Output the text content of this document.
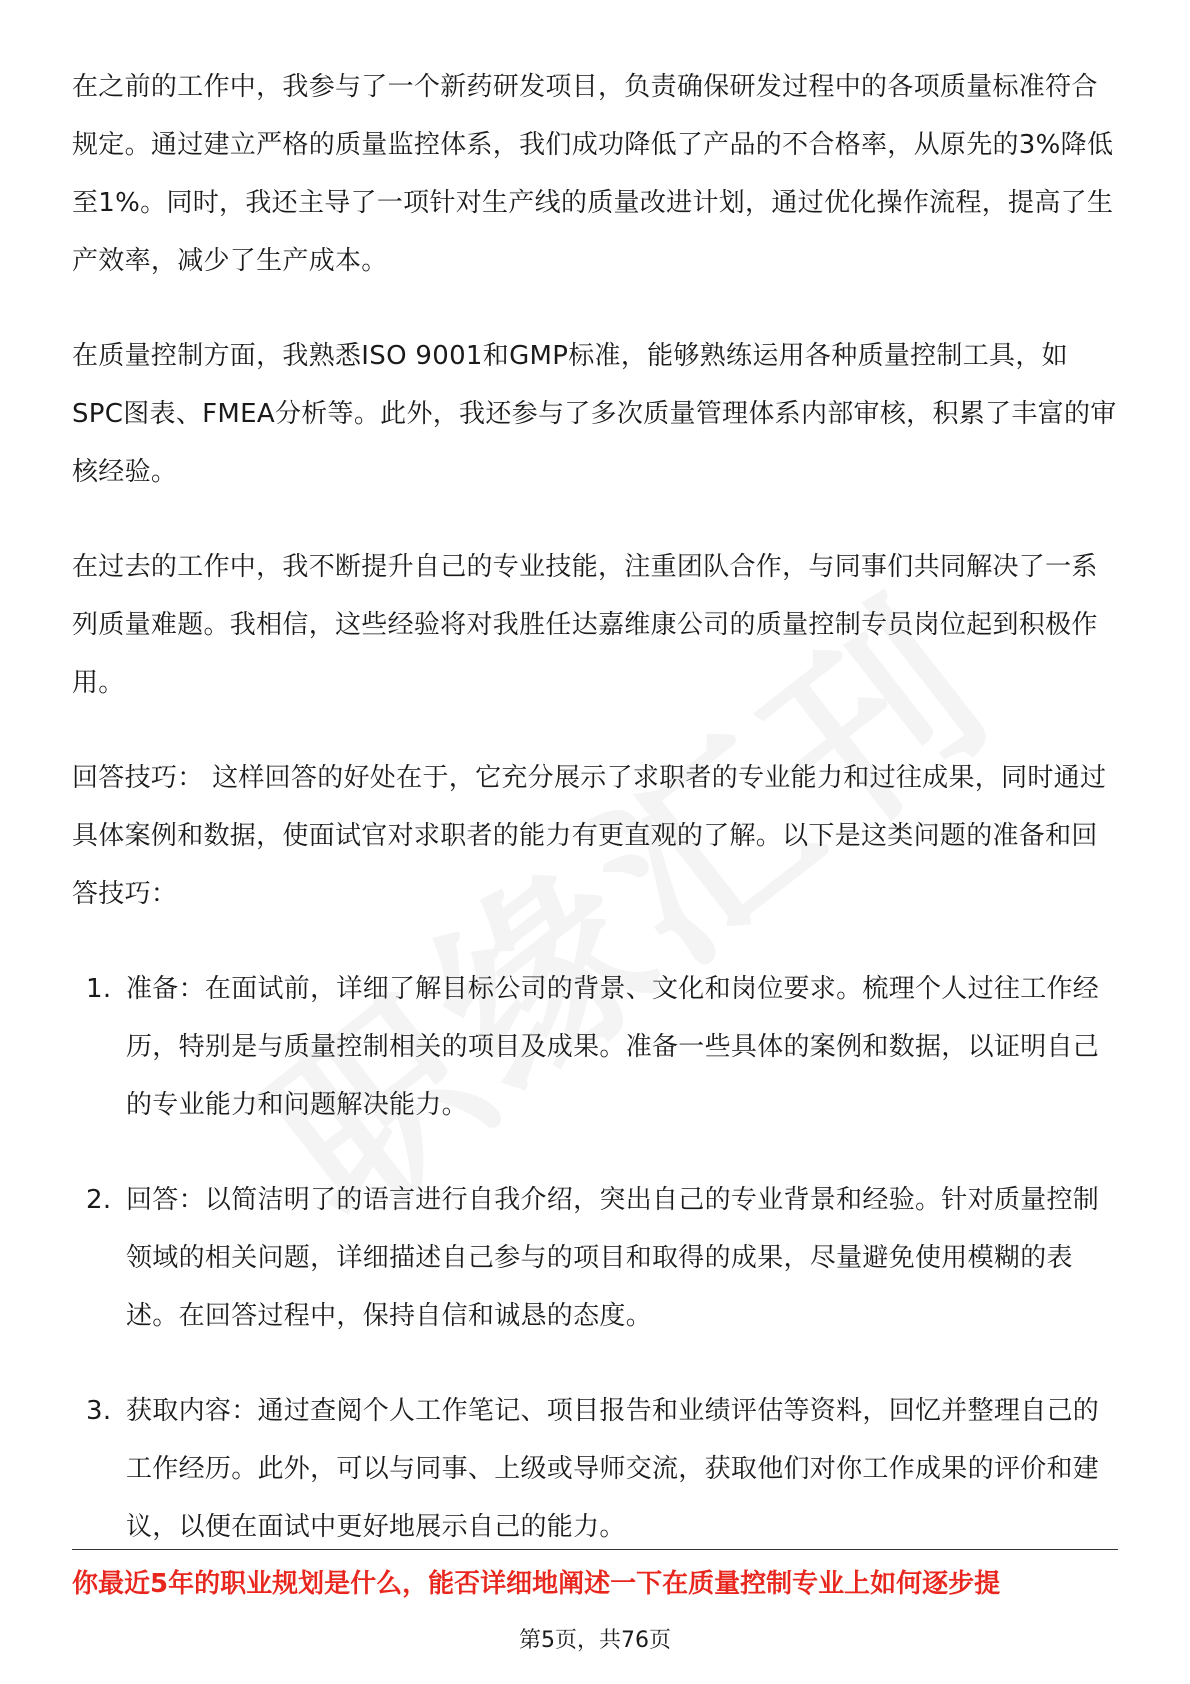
在之前的工作中，我参与了一个新药研发项目，负责确保研发过程中的各项质量标准符合规定。通过建立严格的质量监控体系，我们成功降低了产品的不合格率，从原先的3%降低至1%。同时，我还主导了一项针对生产线的质量改进计划，通过优化操作流程，提高了生产效率，减少了生产成本。

在质量控制方面，我熟悉ISO 9001和GMP标准，能够熟练运用各种质量控制工具，如SPC图表、FMEA分析等。此外，我还参与了多次质量管理体系内部审核，积累了丰富的审核经验。

在过去的工作中，我不断提升自己的专业技能，注重团队合作，与同事们共同解决了一系列质量难题。我相信，这些经验将对我胜任达嘉维康公司的质量控制专员岗位起到积极作用。

回答技巧： 这样回答的好处在于，它充分展示了求职者的专业能力和过往成果，同时通过具体案例和数据，使面试官对求职者的能力有更直观的了解。以下是这类问题的准备和回答技巧：

1. 准备：在面试前，详细了解目标公司的背景、文化和岗位要求。梳理个人过往工作经历，特别是与质量控制相关的项目及成果。准备一些具体的案例和数据，以证明自己的专业能力和问题解决能力。
2. 回答：以简洁明了的语言进行自我介绍，突出自己的专业背景和经验。针对质量控制领域的相关问题，详细描述自己参与的项目和取得的成果，尽量避免使用模糊的表述。在回答过程中，保持自信和诚恳的态度。
3. 获取内容：通过查阅个人工作笔记、项目报告和业绩评估等资料，回忆并整理自己的工作经历。此外，可以与同事、上级或导师交流，获取他们对你工作成果的评价和建议，以便在面试中更好地展示自己的能力。
你最近5年的职业规划是什么，能否详细地阐述一下在质量控制专业上如何逐步提
第5页，共76页
